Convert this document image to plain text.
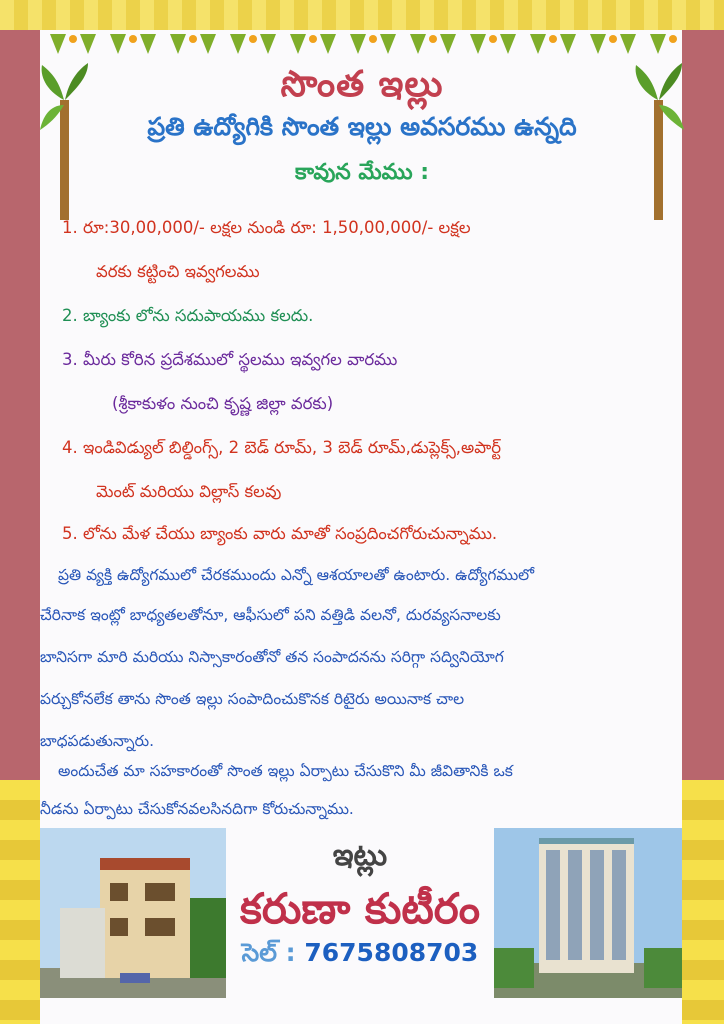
సొంత ఇల్లు
ప్రతి ఉద్యోగికి సొంత ఇల్లు అవసరము ఉన్నది
కావున మేము :
1. రూ:30,00,000/- లక్షల నుండి రూ: 1,50,00,000/- లక్షల
వరకు కట్టించి ఇవ్వగలము
2. బ్యాంకు లోను సదుపాయము కలదు.
3. మీరు కోరిన ప్రదేశములో స్థలము ఇవ్వగల వారము
(శ్రీకాకుళం నుంచి కృష్ణ జిల్లా వరకు)
4. ఇండివిడ్యుల్ బిల్డింగ్స్, 2 బెడ్ రూమ్, 3 బెడ్ రూమ్,డుప్లెక్స్,అపార్ట్
మెంట్ మరియు విల్లాస్ కలవు
5. లోను మేళ చేయు బ్యాంకు వారు మాతో సంప్రదించగోరుచున్నాము.
ప్రతి వ్యక్తి ఉద్యోగములో చేరకముందు ఎన్నో ఆశయాలతో ఉంటారు. ఉద్యోగములో
చేరినాక ఇంట్లో బాధ్యతలతోనూ, ఆఫీసులో పని వత్తిడి వలనో, దురవ్యసనాలకు
బానిసగా మారి మరియు నిస్సాకారంతోనో తన సంపాదనను సరిగ్గా సద్వినియోగ
పర్చుకోనలేక తాను సొంత ఇల్లు సంపాదించుకొనక రిటైరు అయినాక చాల
బాధపడుతున్నారు.
అందుచేత మా సహకారంతో సొంత ఇల్లు ఏర్పాటు చేసుకొని మీ జీవితానికి ఒక
నీడను ఏర్పాటు చేసుకోనవలసినదిగా కోరుచున్నాము.
ఇట్లు
కరుణా కుటీరం
సెల్ : 7675808703
